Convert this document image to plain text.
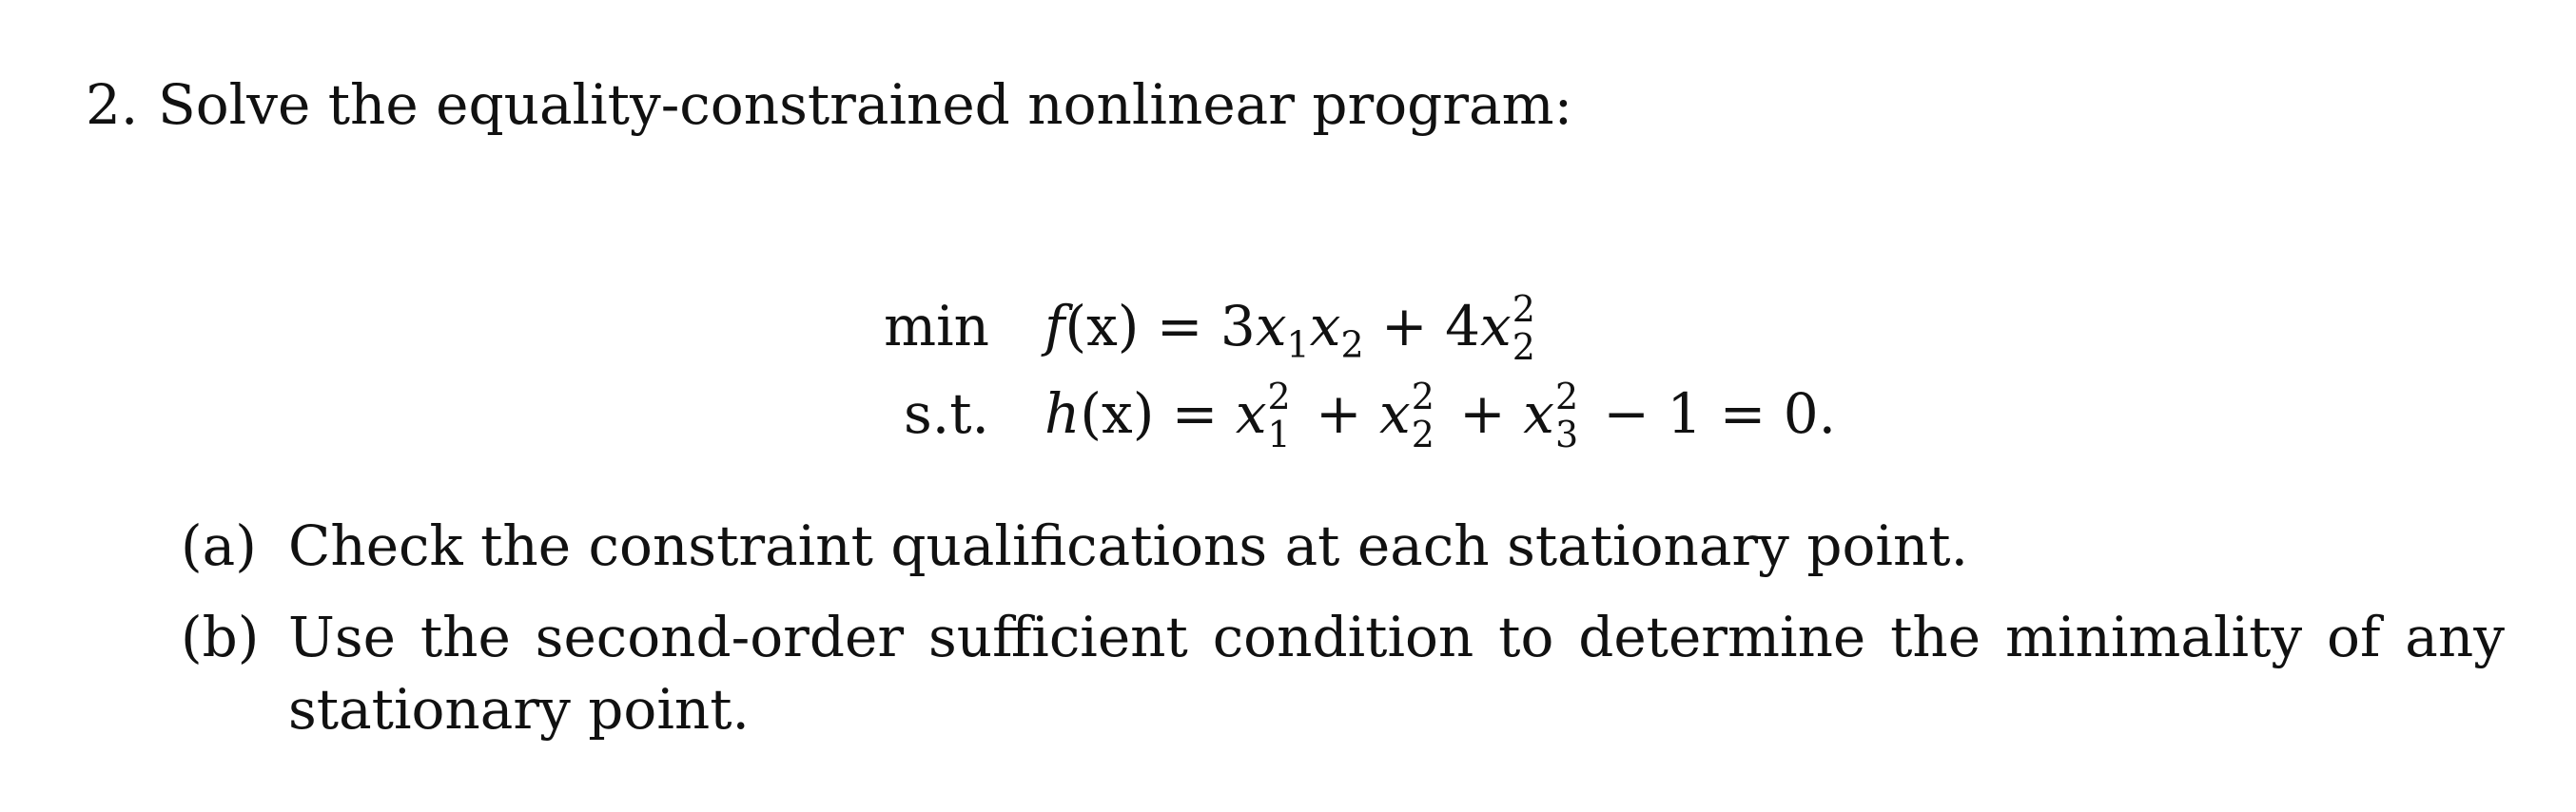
2. Solve the equality-constrained nonlinear program:
$\min f(x) = 3x_1x_2 + 4x$ 2
2
s.t. h(x) = x 2
1 + x 2
2 + x 2
3 − 1 = 0.
(a) Check the constraint qualifications at each stationary point.
(b) Use the second-order sufficient condition to determine the minimality of any stationary point.
